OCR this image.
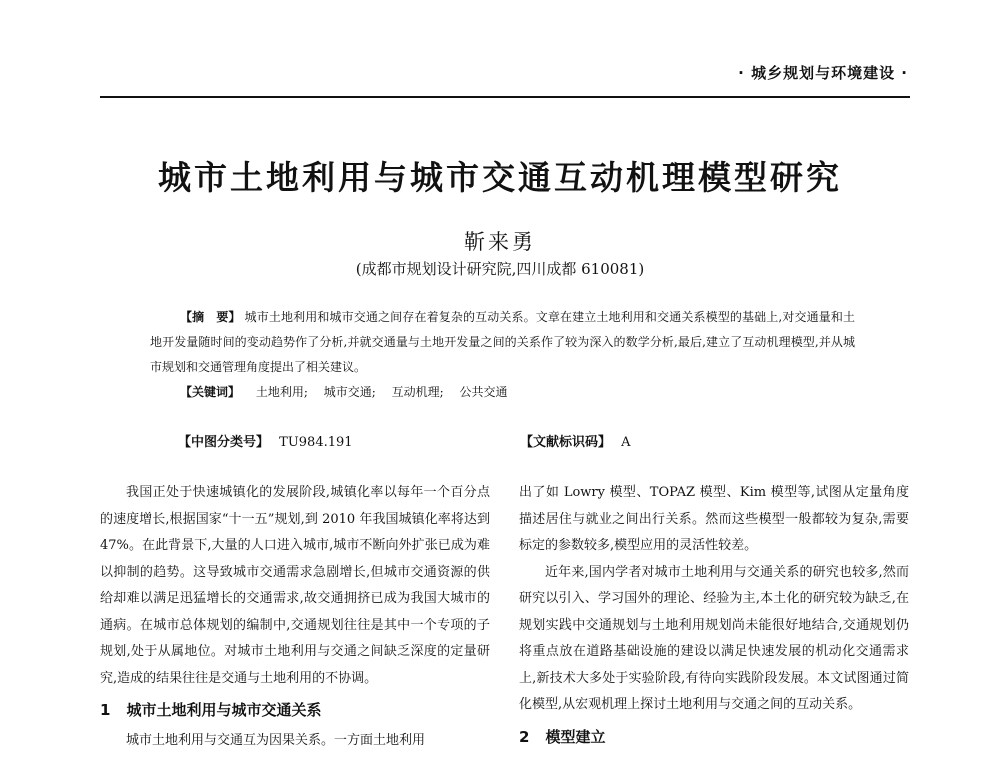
· 城乡规划与环境建设 ·
城市土地利用与城市交通互动机理模型研究
靳来勇
(成都市规划设计研究院,四川成都 610081)
【摘　要】 城市土地利用和城市交通之间存在着复杂的互动关系。文章在建立土地利用和交通关系模型的基础上,对交通量和土地开发量随时间的变动趋势作了分析,并就交通量与土地开发量之间的关系作了较为深入的数学分析,最后,建立了互动机理模型,并从城市规划和交通管理角度提出了相关建议。
【关键词】 土地利用; 城市交通; 互动机理; 公共交通
【中图分类号】 TU984.191	【文献标识码】 A

我国正处于快速城镇化的发展阶段,城镇化率以每年一个百分点的速度增长,根据国家“十一五”规划,到 2010 年我国城镇化率将达到 47%。在此背景下,大量的人口进入城市,城市不断向外扩张已成为难以抑制的趋势。这导致城市交通需求急剧增长,但城市交通资源的供给却难以满足迅猛增长的交通需求,故交通拥挤已成为我国大城市的通病。在城市总体规划的编制中,交通规划往往是其中一个专项的子规划,处于从属地位。对城市土地利用与交通之间缺乏深度的定量研究,造成的结果往往是交通与土地利用的不协调。

1 城市土地利用与城市交通关系

城市土地利用与交通互为因果关系。一方面土地利用

出了如 Lowry 模型、TOPAZ 模型、Kim 模型等,试图从定量角度描述居住与就业之间出行关系。然而这些模型一般都较为复杂,需要标定的参数较多,模型应用的灵活性较差。

近年来,国内学者对城市土地利用与交通关系的研究也较多,然而研究以引入、学习国外的理论、经验为主,本土化的研究较为缺乏,在规划实践中交通规划与土地利用规划尚未能很好地结合,交通规划仍将重点放在道路基础设施的建设以满足快速发展的机动化交通需求上,新技术大多处于实验阶段,有待向实践阶段发展。本文试图通过简化模型,从宏观机理上探讨土地利用与交通之间的互动关系。

2 模型建立
